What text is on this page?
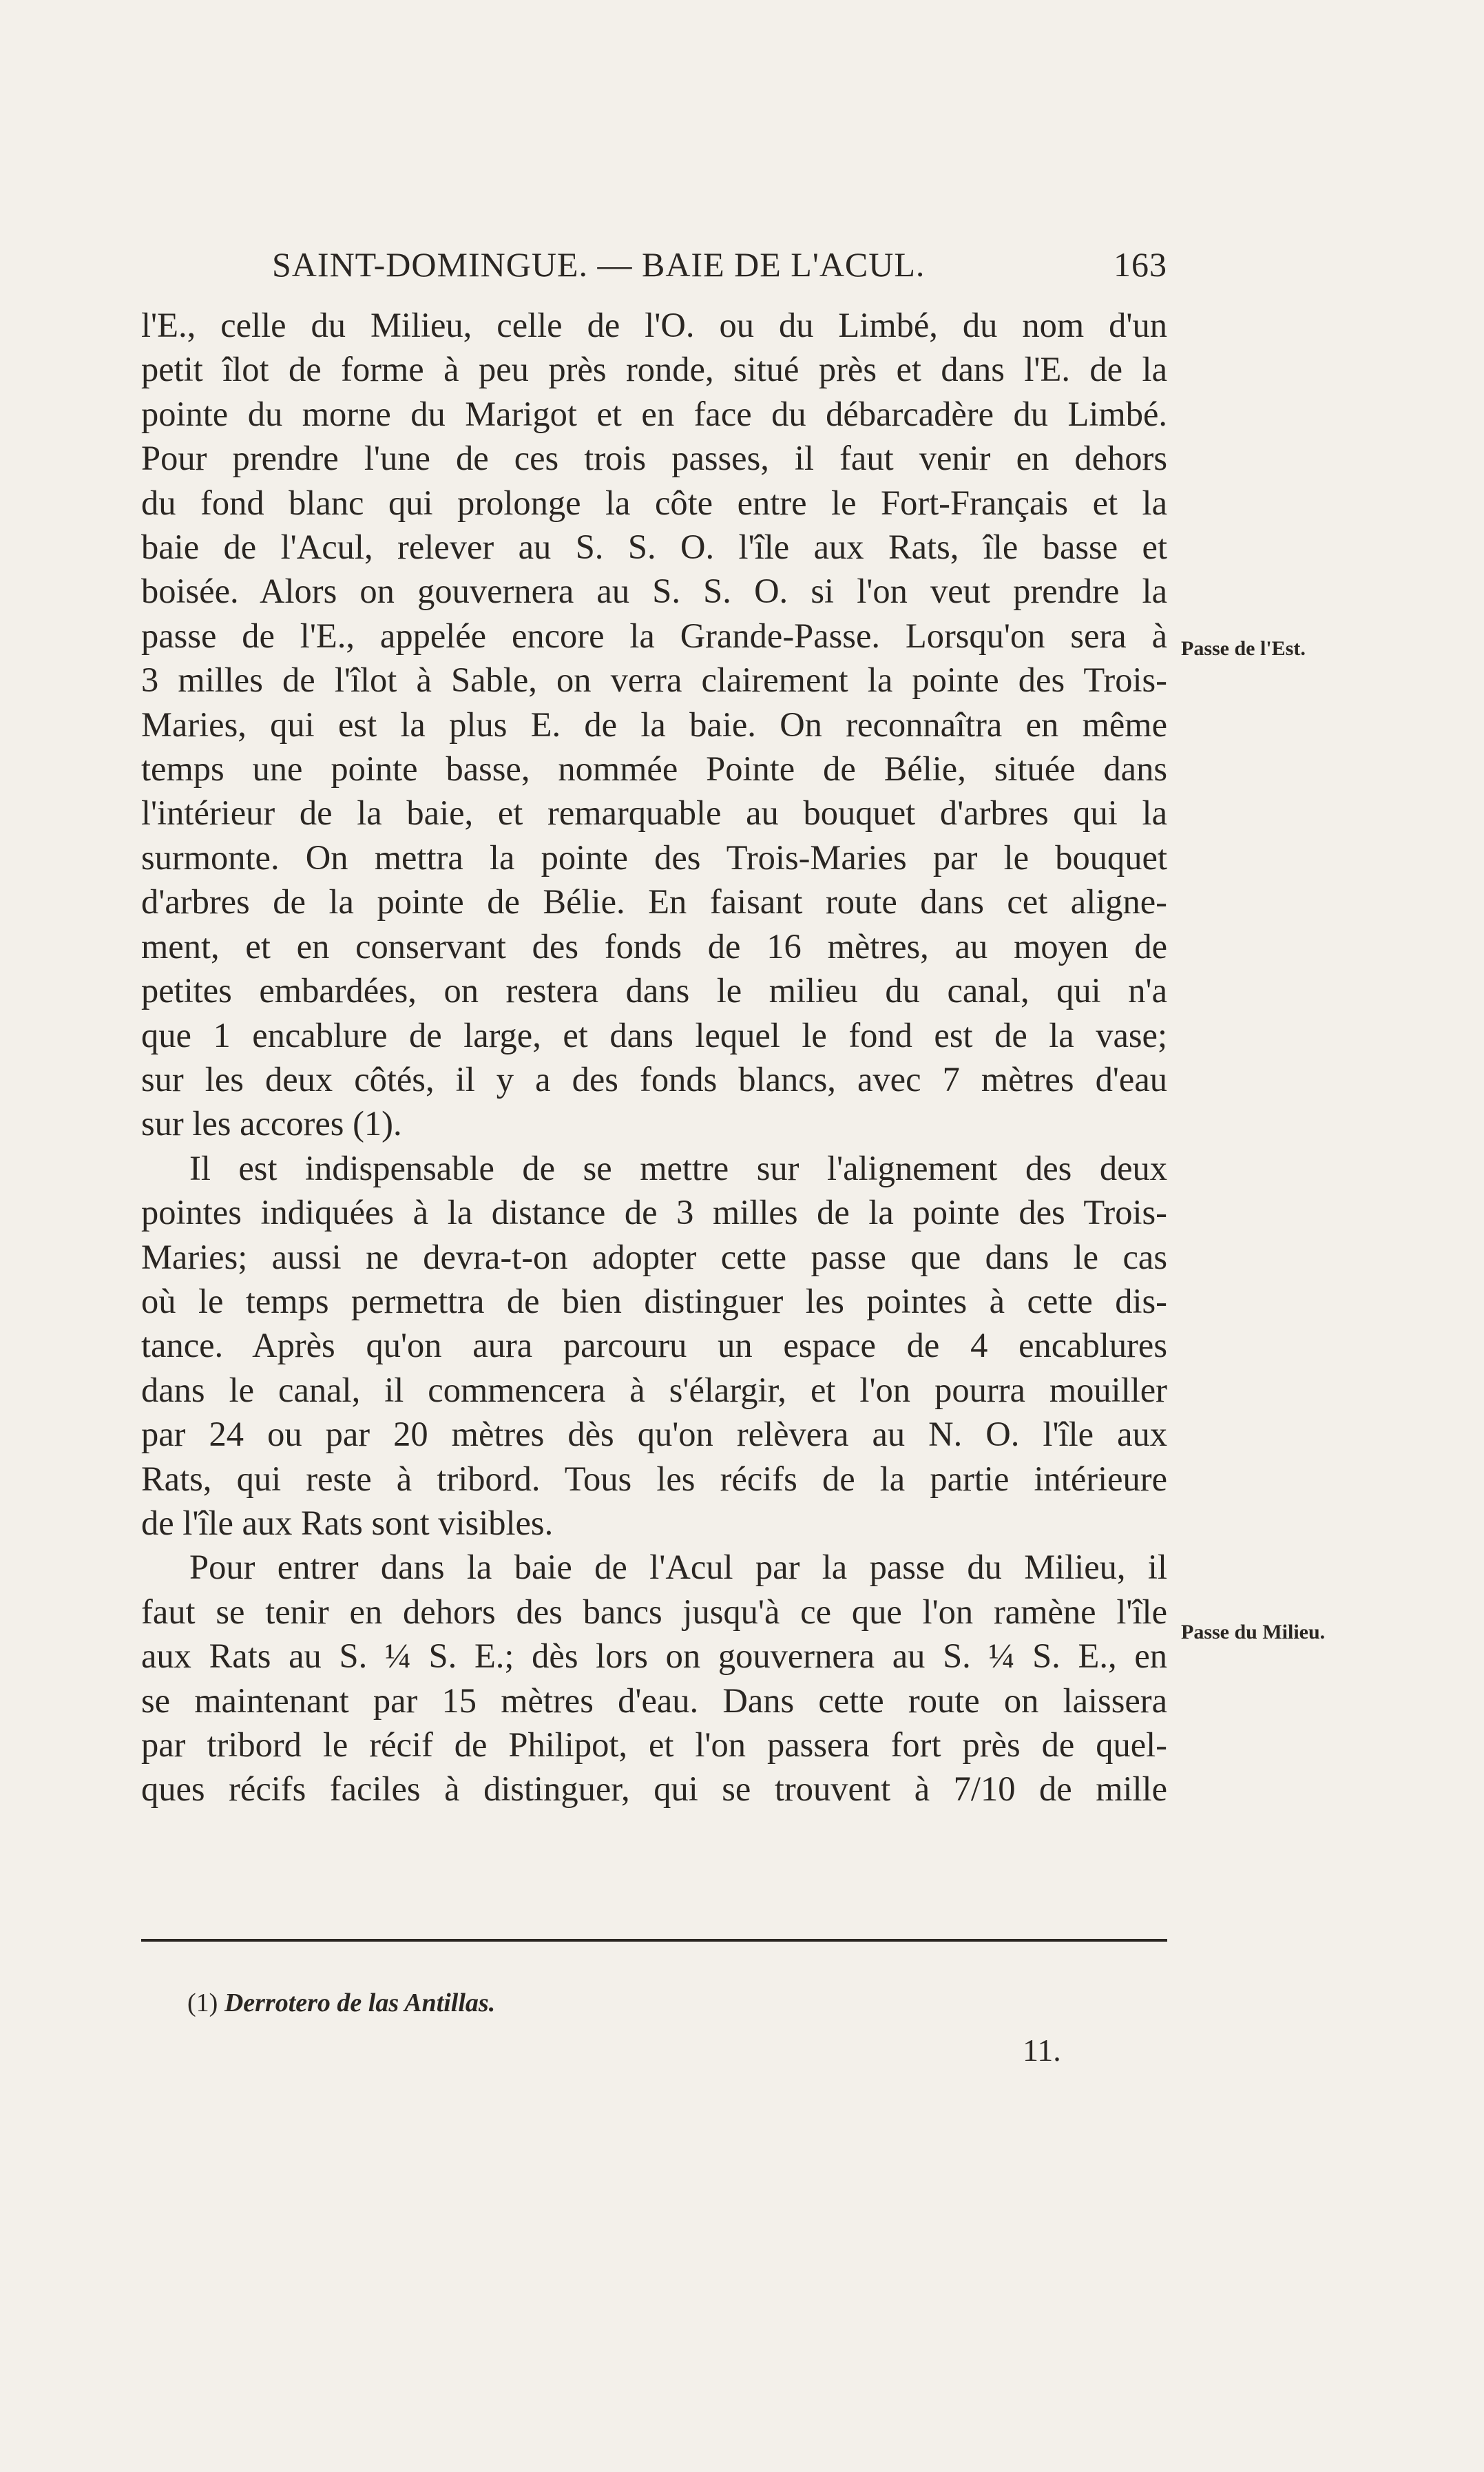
SAINT-DOMINGUE. — BAIE DE L'ACUL.	163
l'E., celle du Milieu, celle de l'O. ou du Limbé, du nom d'un
petit îlot de forme à peu près ronde, situé près et dans l'E. de la
pointe du morne du Marigot et en face du débarcadère du Limbé.
Pour prendre l'une de ces trois passes, il faut venir en dehors
du fond blanc qui prolonge la côte entre le Fort-Français et la
baie de l'Acul, relever au S. S. O. l'île aux Rats, île basse et
boisée. Alors on gouvernera au S. S. O. si l'on veut prendre la
passe de l'E., appelée encore la Grande-Passe. Lorsqu'on sera à
3 milles de l'îlot à Sable, on verra clairement la pointe des Trois-
Maries, qui est la plus E. de la baie. On reconnaîtra en même
temps une pointe basse, nommée Pointe de Bélie, située dans
l'intérieur de la baie, et remarquable au bouquet d'arbres qui la
surmonte. On mettra la pointe des Trois-Maries par le bouquet
d'arbres de la pointe de Bélie. En faisant route dans cet aligne-
ment, et en conservant des fonds de 16 mètres, au moyen de
petites embardées, on restera dans le milieu du canal, qui n'a
que 1 encablure de large, et dans lequel le fond est de la vase;
sur les deux côtés, il y a des fonds blancs, avec 7 mètres d'eau
sur les accores (1).
Il est indispensable de se mettre sur l'alignement des deux
pointes indiquées à la distance de 3 milles de la pointe des Trois-
Maries; aussi ne devra-t-on adopter cette passe que dans le cas
où le temps permettra de bien distinguer les pointes à cette dis-
tance. Après qu'on aura parcouru un espace de 4 encablures
dans le canal, il commencera à s'élargir, et l'on pourra mouiller
par 24 ou par 20 mètres dès qu'on relèvera au N. O. l'île aux
Rats, qui reste à tribord. Tous les récifs de la partie intérieure
de l'île aux Rats sont visibles.
Pour entrer dans la baie de l'Acul par la passe du Milieu, il
faut se tenir en dehors des bancs jusqu'à ce que l'on ramène l'île
aux Rats au S. ¼ S. E.; dès lors on gouvernera au S. ¼ S. E., en
se maintenant par 15 mètres d'eau. Dans cette route on laissera
par tribord le récif de Philipot, et l'on passera fort près de quel-
ques récifs faciles à distinguer, qui se trouvent à 7/10 de mille
Passe de l'Est.
Passe du Milieu.
(1) Derrotero de las Antillas.
11.
